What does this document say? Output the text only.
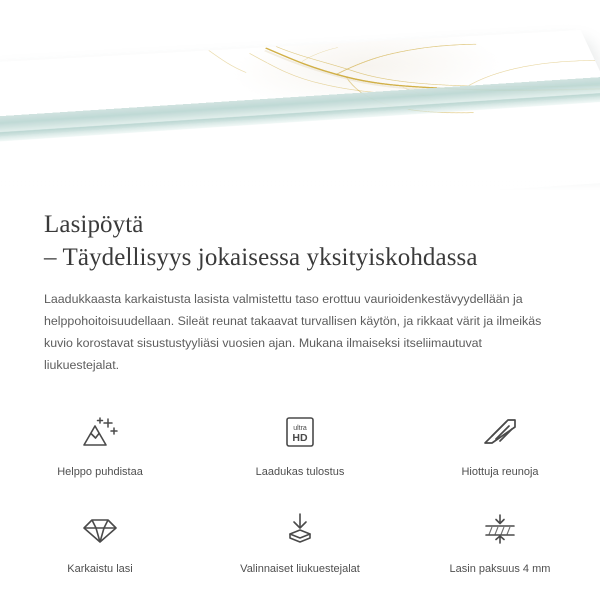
Lasipöytä
– Täydellisyys jokaisessa yksityiskohdassa

Laadukkaasta karkaistusta lasista valmistettu taso erottuu vaurioidenkestävyydellään ja helppohoitoisuudellaan. Sileät reunat takaavat turvallisen käytön, ja rikkaat värit ja ilmeikäs kuvio korostavat sisustustyyliäsi vuosien ajan. Mukana ilmaiseksi itseliimautuvat liukuestejalat.

Helppo puhdistaa
ultra
HD
Laadukas tulostus	Hiottuja reunoja
Karkaistu lasi	Valinnaiset liukuestejalat	Lasin paksuus 4 mm
